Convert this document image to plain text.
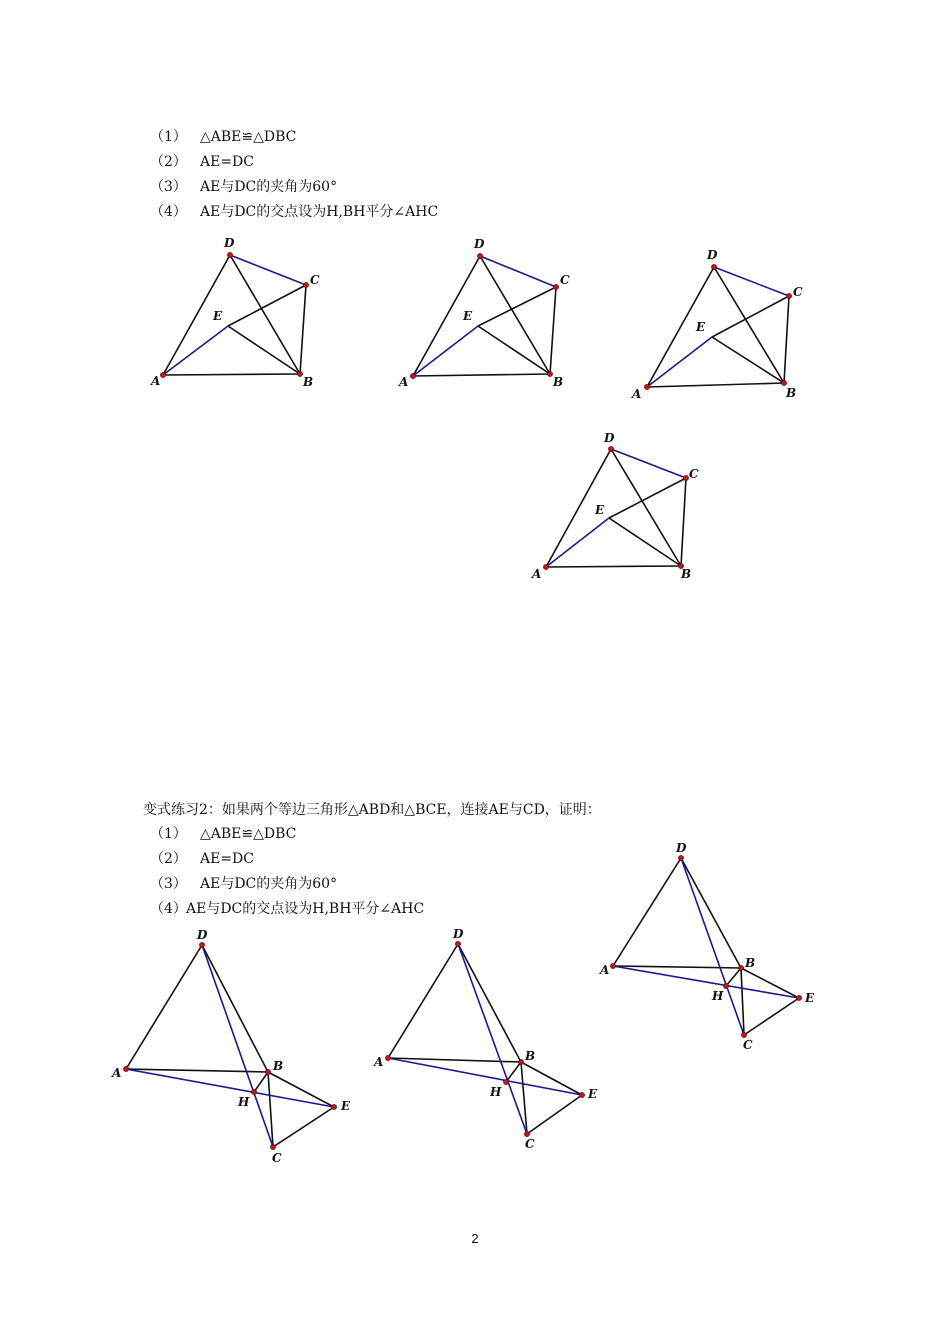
（1） △ABE≌△DBC
（2） AE=DC
（3） AE与DC的夹角为60°
（4） AE与DC的交点设为H,BH平分∠AHC
A	B
C
D
E
A	B
C
D
E
A	B
C
D
E
A	B
C
D
E
变式练习2：如果两个等边三角形△ABD和△BCE，连接AE与CD，证明：
（1） △ABE≌△DBC
（2） AE=DC
（3） AE与DC的夹角为60°
（4）AE与DC的交点设为H,BH平分∠AHC
A	B
C
D
E
H
A	B
C
D
E
H
A	B
C
D
E
H
2
